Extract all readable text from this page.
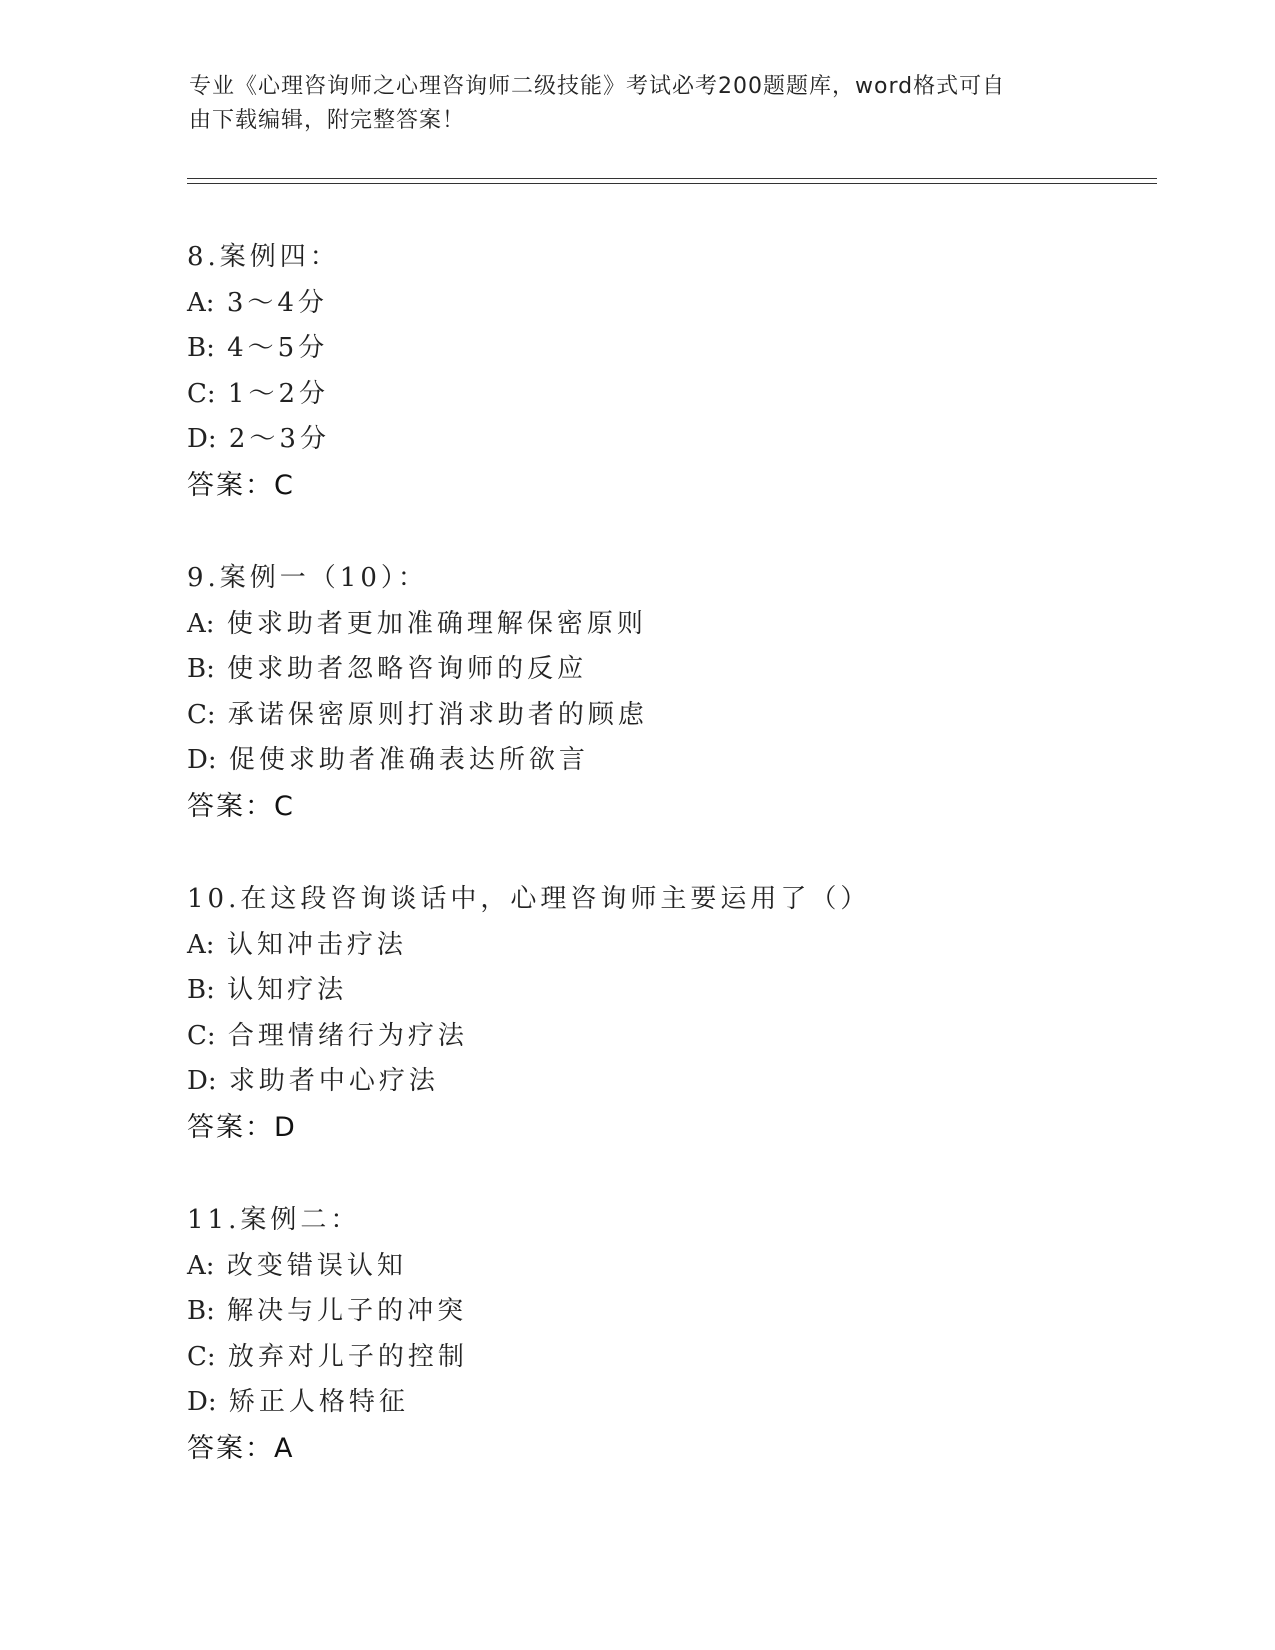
专业《心理咨询师之心理咨询师二级技能》考试必考200题题库，word格式可自
由下载编辑，附完整答案！
8.案例四：
A: 3～4分
B: 4～5分
C: 1～2分
D: 2～3分
答案：C
9.案例一（10）：
A: 使求助者更加准确理解保密原则
B: 使求助者忽略咨询师的反应
C: 承诺保密原则打消求助者的顾虑
D: 促使求助者准确表达所欲言
答案：C
10.在这段咨询谈话中，心理咨询师主要运用了（）
A: 认知冲击疗法
B: 认知疗法
C: 合理情绪行为疗法
D: 求助者中心疗法
答案：D
11.案例二：
A: 改变错误认知
B: 解决与儿子的冲突
C: 放弃对儿子的控制
D: 矫正人格特征
答案：A
